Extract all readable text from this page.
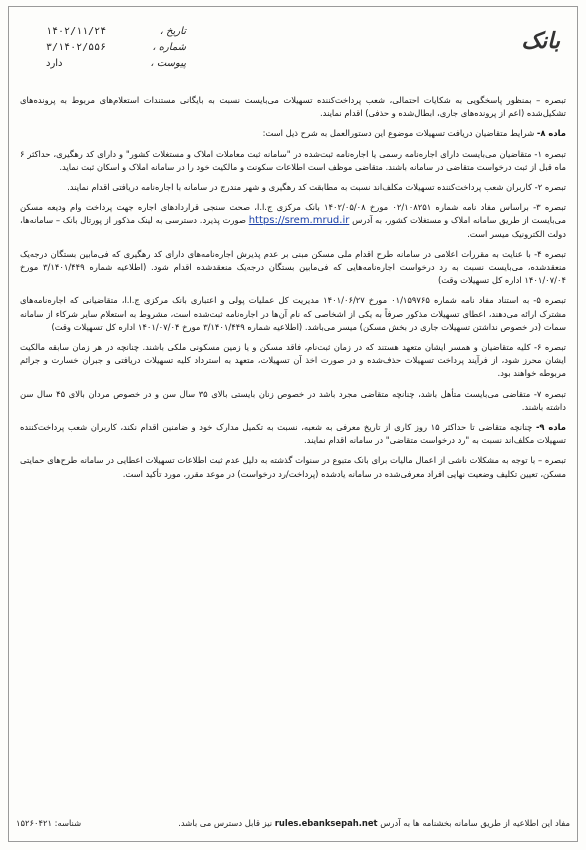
بانک
تاریخ ،
۱۴۰۲/۱۱/۲۴
شماره ،
۳/۱۴۰۲/۵۵۶
پیوست ،
دارد

تبصره – بمنظور پاسخگویی به شکایات احتمالی، شعب پرداخت‌کننده تسهیلات می‌بایست نسبت به بایگانی مستندات استعلام‌های مربوط به پرونده‌های تشکیل‌شده (اعم از پرونده‌های جاری، ابطال‌شده و حذفی) اقدام نمایند.

ماده ۸- شرایط متقاضیان دریافت تسهیلات موضوع این دستورالعمل به شرح ذیل است:

تبصره ۱- متقاضیان می‌بایست دارای اجاره‌نامه رسمی یا اجاره‌نامه ثبت‌شده در "سامانه ثبت معاملات املاک و مستغلات کشور" و دارای کد رهگیری، حداکثر ۶ ماه قبل از ثبت درخواست متقاضی در سامانه باشند. متقاضی موظف است اطلاعات سکونت و مالکیت خود را در سامانه املاک و اسکان ثبت نماید.

تبصره ۲- کاربران شعب پرداخت‌کننده تسهیلات مکلف‌اند نسبت به مطابقت کد رهگیری و شهر مندرج در سامانه با اجاره‌نامه دریافتی اقدام نمایند.

تبصره ۳- براساس مفاد نامه شماره ۰۲/۱۰۸۲۵۱ مورخ ۱۴۰۲/۰۵/۰۸ بانک مرکزی ج.ا.ا، صحت سنجی قراردادهای اجاره جهت پرداخت وام ودیعه مسکن می‌بایست از طریق سامانه املاک و مستغلات کشور، به آدرس https://srem.mrud.ir صورت پذیرد. دسترسی به لینک مذکور از پورتال بانک – سامانه‌ها، دولت الکترونیک میسر است.

تبصره ۴- با عنایت به مقررات اعلامی در سامانه طرح اقدام ملی مسکن مبنی بر عدم پذیرش اجاره‌نامه‌های دارای کد رهگیری که فی‌مابین بستگان درجه‌یک منعقدشده، می‌بایست نسبت به رد درخواست اجاره‌نامه‌هایی که فی‌مابین بستگان درجه‌یک منعقدشده اقدام شود. (اطلاعیه شماره ۳/۱۴۰۱/۴۴۹ مورخ ۱۴۰۱/۰۷/۰۴ اداره کل تسهیلات وقت)

تبصره ۵- به استناد مفاد نامه شماره ۰۱/۱۵۹۷۶۵ مورخ ۱۴۰۱/۰۶/۲۷ مدیریت کل عملیات پولی و اعتباری بانک مرکزی ج.ا.ا، متقاضیانی که اجاره‌نامه‌های مشترک ارائه می‌دهند، اعطای تسهیلات مذکور صرفاً به یکی از اشخاصی که نام آن‌ها در اجاره‌نامه ثبت‌شده است، مشروط به استعلام سایر شرکاء از سامانه سمات (در خصوص نداشتن تسهیلات جاری در بخش مسکن) میسر می‌باشد. (اطلاعیه شماره ۳/۱۴۰۱/۴۴۹ مورخ ۱۴۰۱/۰۷/۰۴ اداره کل تسهیلات وقت)

تبصره ۶- کلیه متقاضیان و همسر ایشان متعهد هستند که در زمان ثبت‌نام، فاقد مسکن و یا زمین مسکونی ملکی باشند. چنانچه در هر زمان سابقه مالکیت ایشان محرز شود، از فرآیند پرداخت تسهیلات حذف‌شده و در صورت اخذ آن تسهیلات، متعهد به استرداد کلیه تسهیلات دریافتی و جبران خسارت و جرائم مربوطه خواهند بود.

تبصره ۷- متقاضی می‌بایست متأهل باشد، چنانچه متقاضی مجرد باشد در خصوص زنان بایستی بالای ۳۵ سال سن و در خصوص مردان بالای ۴۵ سال سن داشته باشند.

ماده ۹- چنانچه متقاضی تا حداکثر ۱۵ روز کاری از تاریخ معرفی به شعبه، نسبت به تکمیل مدارک خود و ضامنین اقدام نکند، کاربران شعب پرداخت‌کننده تسهیلات مکلف‌اند نسبت به "رد درخواست متقاضی" در سامانه اقدام نمایند.

تبصره – با توجه به مشکلات ناشی از اعمال مالیات برای بانک متبوع در سنوات گذشته به دلیل عدم ثبت اطلاعات تسهیلات اعطایی در سامانه طرح‌های حمایتی مسکن، تعیین تکلیف وضعیت نهایی افراد معرفی‌شده در سامانه یادشده (پرداخت/رد درخواست) در موعد مقرر، مورد تأکید است.

مفاد این اطلاعیه از طریق سامانه بخشنامه ها به آدرس rules.ebanksepah.net نیز قابل دسترس می باشد.
شناسه: ۱۵۲۶۰۴۲۱
